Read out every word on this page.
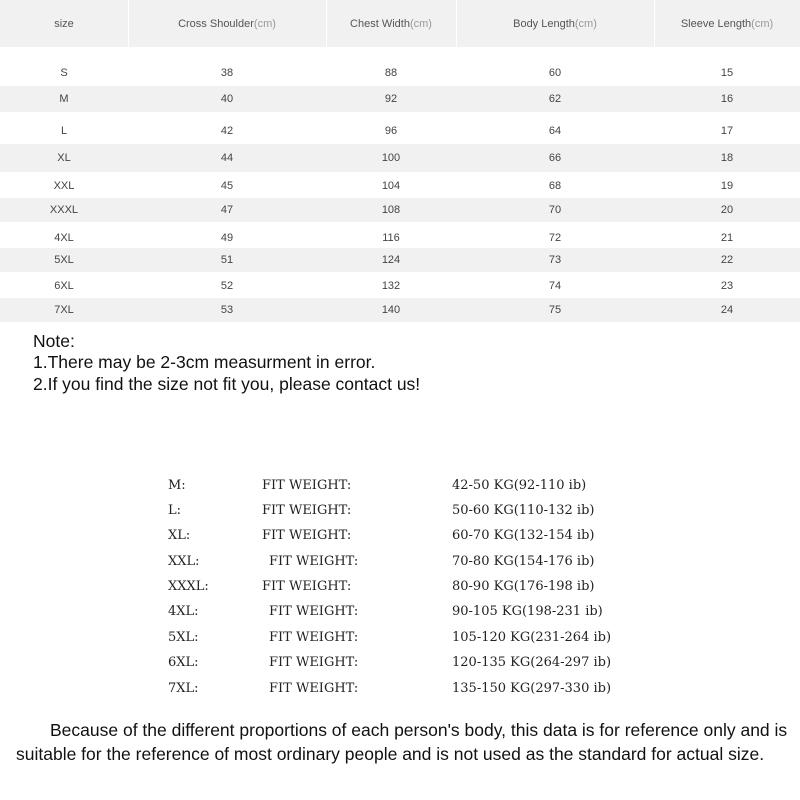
size	Cross Shoulder (cm)	Chest Width (cm)	Body Length (cm)	Sleeve Length (cm)
S	38	88	60	15
M	40	92	62	16
L	42	96	64	17
XL	44	100	66	18
XXL	45	104	68	19
XXXL	47	108	70	20
4XL	49	116	72	21
5XL	51	124	73	22
6XL	52	132	74	23
7XL	53	140	75	24
Note:
1.There may be 2-3cm measurment in error.
2.If you find the size not fit you, please contact us!
M:	FIT WEIGHT:	42-50 KG(92-110 ib)
L:	FIT WEIGHT:	50-60 KG(110-132 ib)
XL:	FIT WEIGHT:	60-70 KG(132-154 ib)
XXL:	FIT WEIGHT:	70-80 KG(154-176 ib)
XXXL:	FIT WEIGHT:	80-90 KG(176-198 ib)
4XL:	FIT WEIGHT:	90-105 KG(198-231 ib)
5XL:	FIT WEIGHT:	105-120 KG(231-264 ib)
6XL:	FIT WEIGHT:	120-135 KG(264-297 ib)
7XL:	FIT WEIGHT:	135-150 KG(297-330 ib)
Because of the different proportions of each person's body, this data is for reference only and is suitable for the reference of most ordinary people and is not used as the standard for actual size.
